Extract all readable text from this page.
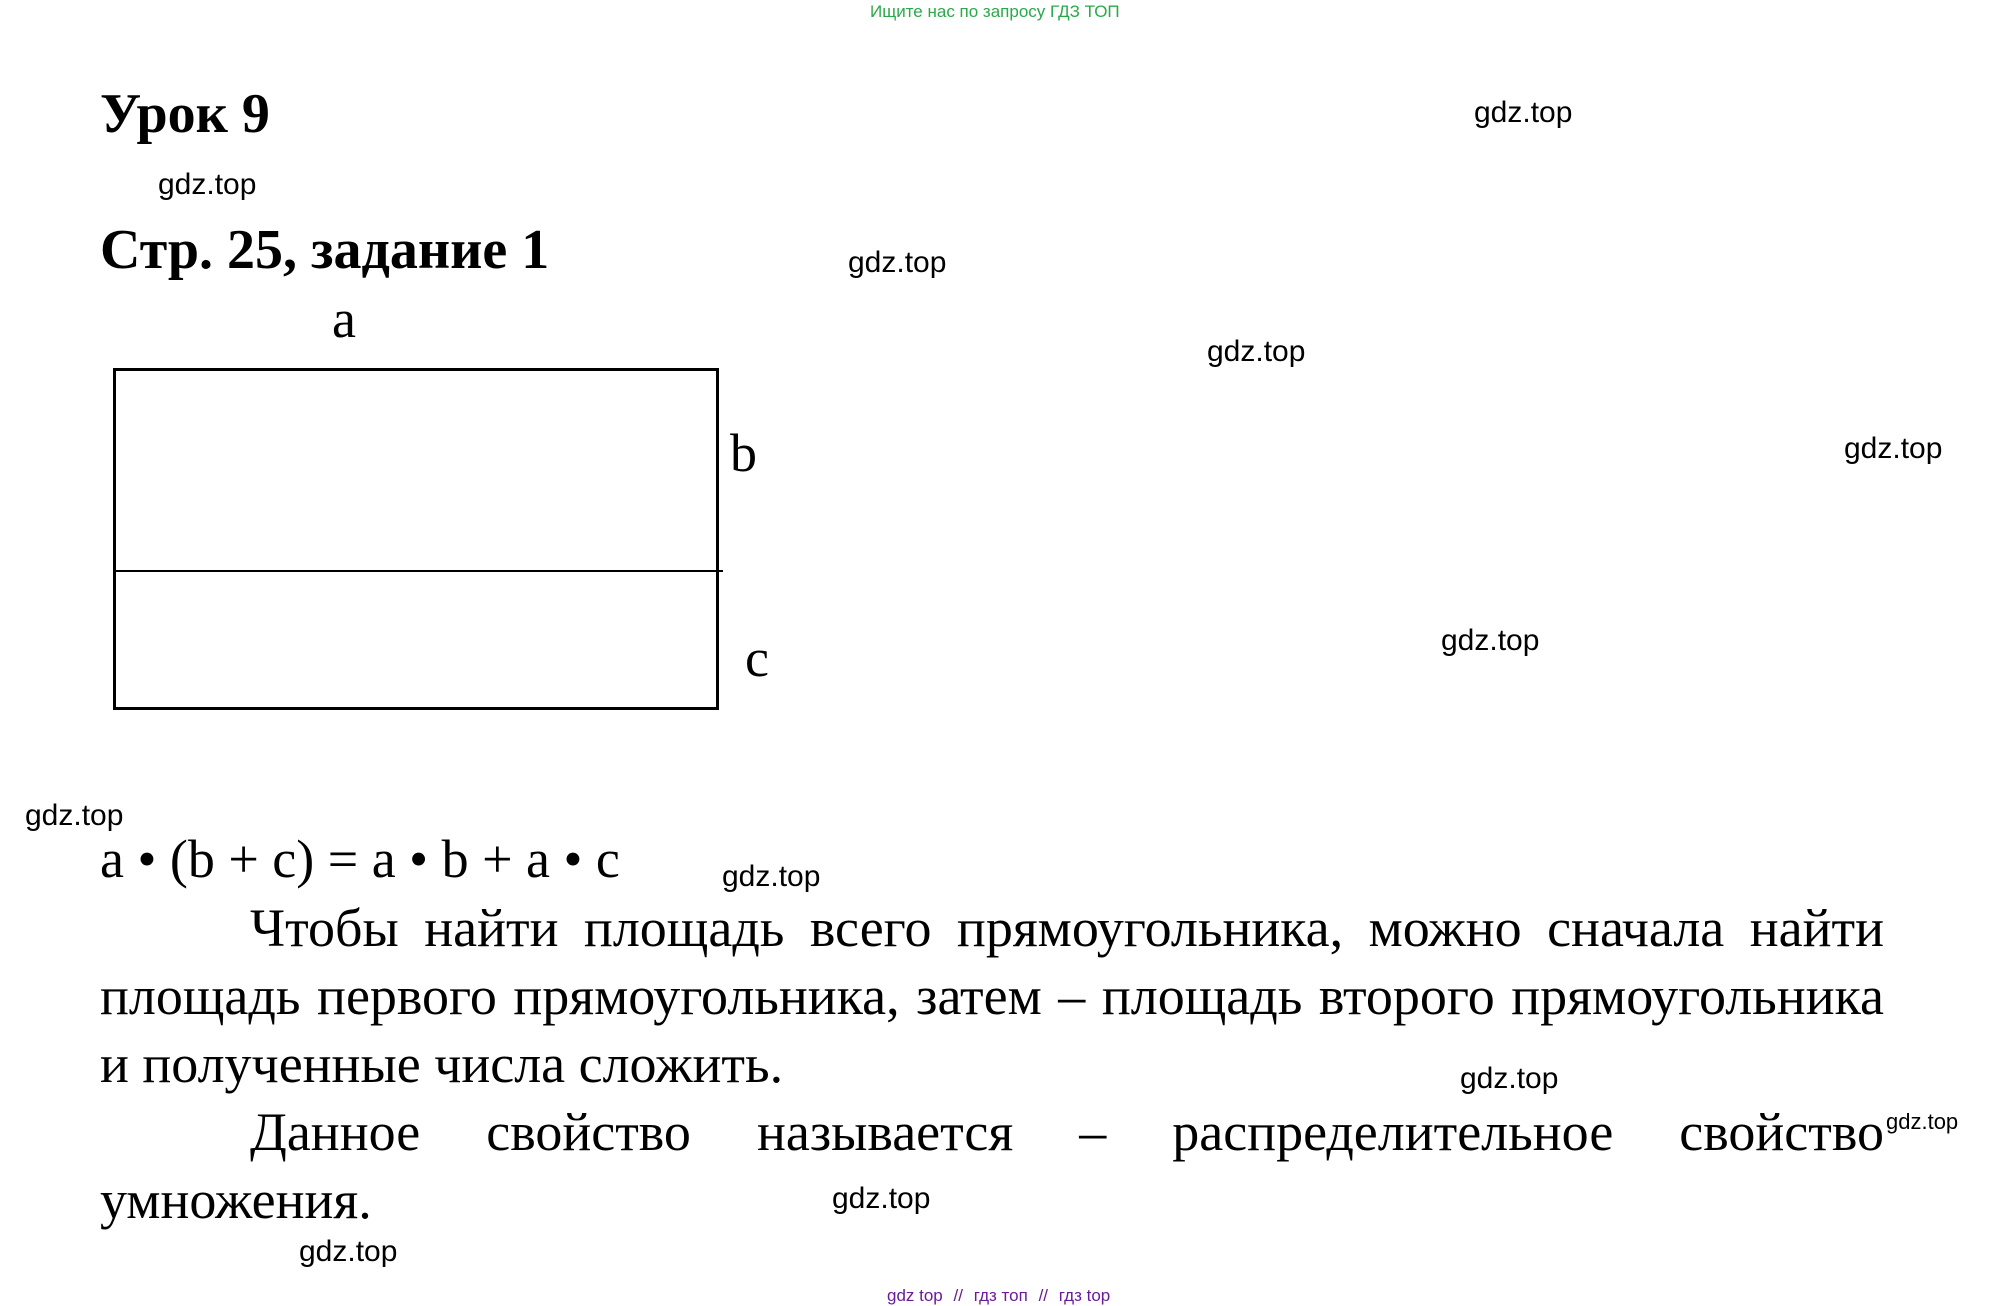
Ищите нас по запросу ГДЗ ТОП
Урок 9
Стр. 25, задание 1
a
b
c
a • (b + c) = a • b + a • c
Чтобы найти площадь всего прямоугольника, можно сначала найти площадь первого прямоугольника, затем – площадь второго прямоугольника и полученные числа сложить.
Данное свойство называется – распределительное свойство умножения.
gdz.top
gdz.top
gdz.top
gdz.top
gdz.top
gdz.top
gdz.top
gdz.top
gdz.top
gdz.top
gdz.top
gdz.top
gdz top // гдз топ // гдз top
